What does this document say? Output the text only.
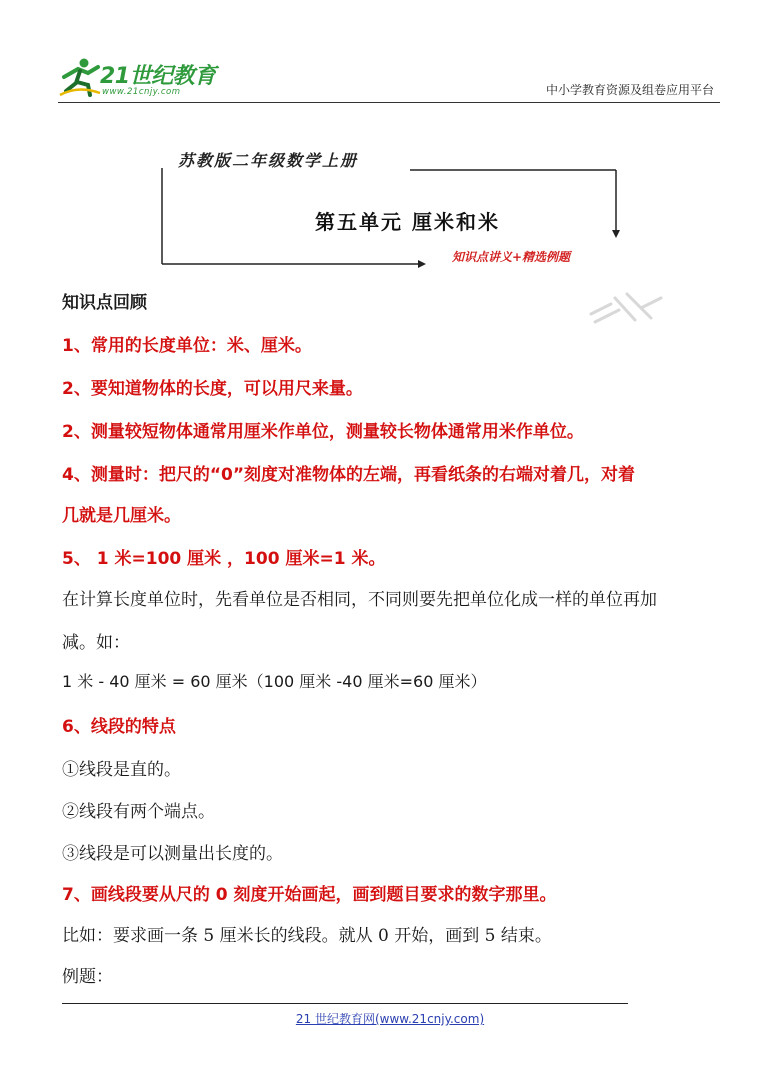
21世纪教育
www.21cnjy.com	中小学教育资源及组卷应用平台
苏教版二年级数学上册
第五单元 厘米和米
知识点讲义+精选例题
知识点回顾
1、常用的长度单位：米、厘米。
2、要知道物体的长度，可以用尺来量。
2、测量较短物体通常用厘米作单位，测量较长物体通常用米作单位。
4、测量时：把尺的“0”刻度对准物体的左端，再看纸条的右端对着几，对着
几就是几厘米。
5、 1 米=100 厘米 ，100 厘米=1 米。
在计算长度单位时，先看单位是否相同，不同则要先把单位化成一样的单位再加
减。如：
1 米 - 40 厘米 = 60 厘米（100 厘米 -40 厘米=60 厘米）
6、线段的特点
①线段是直的。
②线段有两个端点。
③线段是可以测量出长度的。
7、画线段要从尺的 0 刻度开始画起，画到题目要求的数字那里。
比如：要求画一条 5 厘米长的线段。就从 0 开始，画到 5 结束。
例题：
21 世纪教育网(www.21cnjy.com)
